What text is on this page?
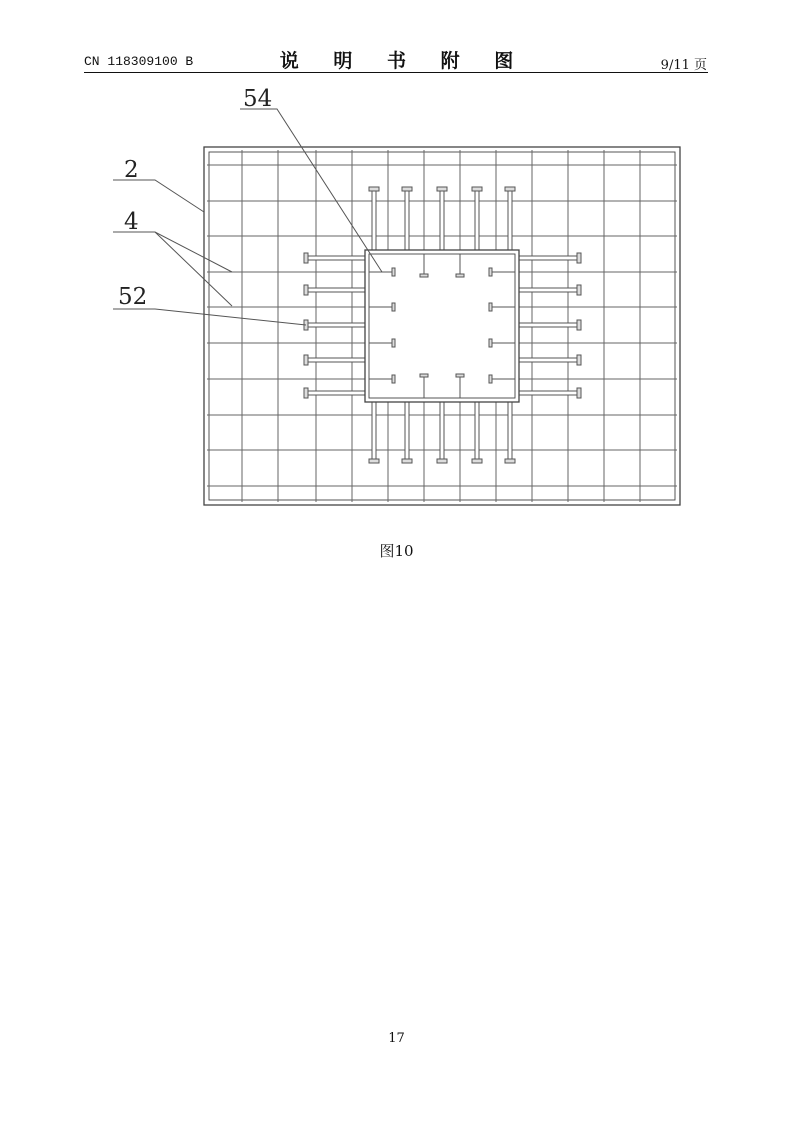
CN 118309100 B	说 明 书 附 图	9/11 页
54
2
4
52
图10
17
